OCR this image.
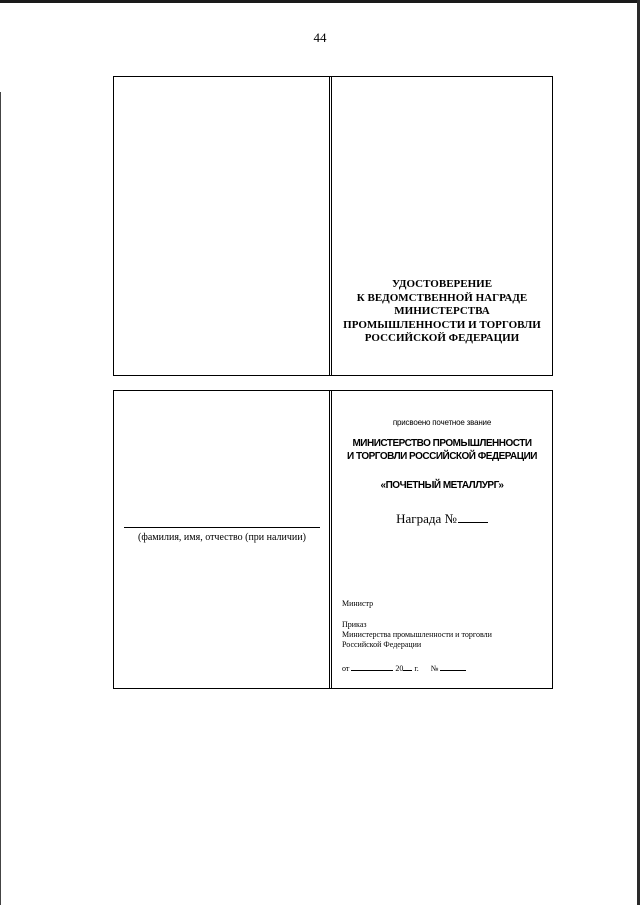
44
УДОСТОВЕРЕНИЕ
К ВЕДОМСТВЕННОЙ НАГРАДЕ
МИНИСТЕРСТВА
ПРОМЫШЛЕННОСТИ И ТОРГОВЛИ
РОССИЙСКОЙ ФЕДЕРАЦИИ
(фамилия, имя, отчество (при наличии)
присвоено почетное звание
МИНИСТЕРСТВО ПРОМЫШЛЕННОСТИ
И ТОРГОВЛИ РОССИЙСКОЙ ФЕДЕРАЦИИ
«ПОЧЕТНЫЙ МЕТАЛЛУРГ»
Награда №
Министр
Приказ
Министерства промышленности и торговли
Российской Федерации
от	20 г. №
